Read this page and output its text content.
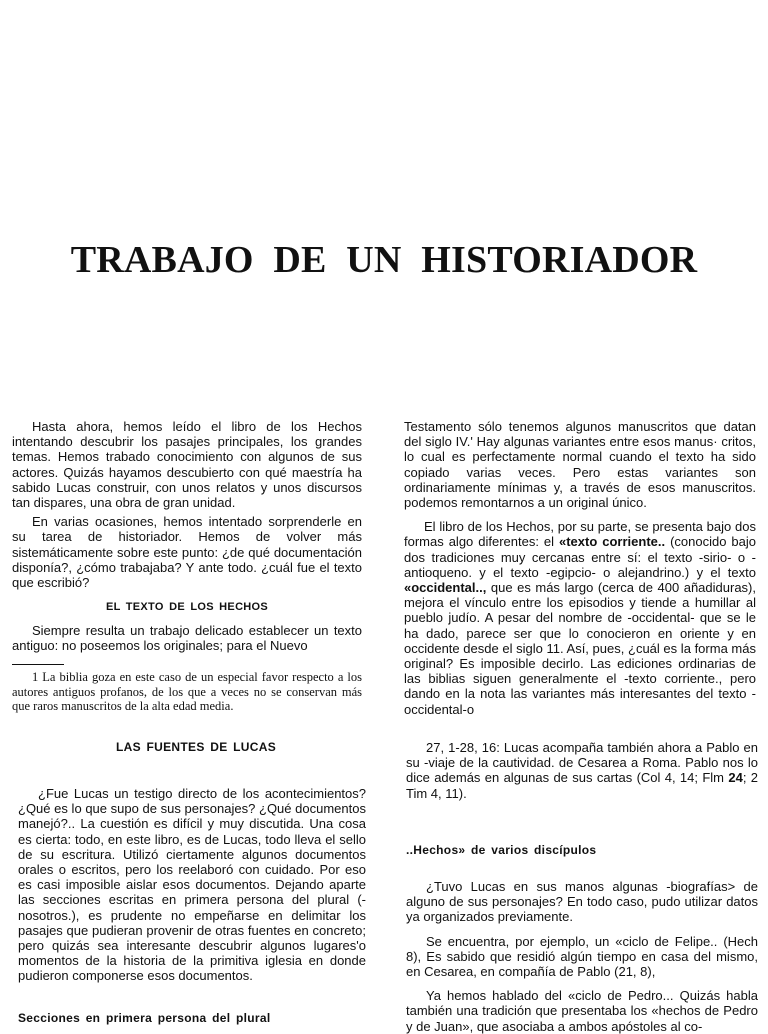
TRABAJO DE UN HISTORIADOR

Hasta ahora, hemos leído el libro de los Hechos intentando descubrir los pasajes principales, los grandes temas. Hemos trabado conocimiento con algunos de sus actores. Quizás hayamos descubierto con qué maestría ha sabido Lucas construir, con unos relatos y unos discursos tan dispares, una obra de gran unidad.

En varias ocasiones, hemos intentado sorprenderle en su tarea de historiador. Hemos de volver más sistemáticamente sobre este punto: ¿de qué documentación disponía?, ¿cómo trabajaba? Y ante todo. ¿cuál fue el texto que escribió?

EL TEXTO DE LOS HECHOS

Siempre resulta un trabajo delicado establecer un texto antiguo: no poseemos los originales; para el Nuevo

Testamento sólo tenemos algunos manuscritos que datan del siglo IV.' Hay algunas variantes entre esos manus· critos, lo cual es perfectamente normal cuando el texto ha sido copiado varias veces. Pero estas variantes son ordinariamente mínimas y, a través de esos manuscritos. podemos remontarnos a un original único.

El libro de los Hechos, por su parte, se presenta bajo dos formas algo diferentes: el «texto corriente.. (conocido bajo dos tradiciones muy cercanas entre sí: el texto -sirio- o -antioqueno. y el texto -egipcio- o alejandrino.) y el texto «occidental.., que es más largo (cerca de 400 añadiduras), mejora el vínculo entre los episodios y tiende a humillar al pueblo judío. A pesar del nombre de -occidental- que se le ha dado, parece ser que lo conocieron en oriente y en occidente desde el siglo 11. Así, pues, ¿cuál es la forma más original? Es imposible decirlo. Las ediciones ordinarias de las biblias siguen generalmente el -texto corriente., pero dando en la nota las variantes más interesantes del texto -occidental-o

1 La biblia goza en este caso de un especial favor respecto a los autores antiguos profanos, de los que a veces no se conservan más que raros manuscritos de la alta edad media.

LAS FUENTES DE LUCAS

¿Fue Lucas un testigo directo de los acontecimientos? ¿Qué es lo que supo de sus personajes? ¿Qué documentos manejó?.. La cuestión es difícil y muy discutida. Una cosa es cierta: todo, en este libro, es de Lucas, todo lleva el sello de su escritura. Utilizó ciertamente algunos documentos orales o escritos, pero los reelaboró con cuidado. Por eso es casi imposible aislar esos documentos. Dejando aparte las secciones escritas en primera persona del plural (-nosotros.), es prudente no empeñarse en delimitar los pasajes que pudieran provenir de otras fuentes en concreto; pero quizás sea interesante descubrir algunos lugares'o momentos de la historia de la primitiva iglesia en donde pudieron componerse esos documentos.

Secciones en primera persona del plural

27, 1-28, 16: Lucas acompaña también ahora a Pablo en su -viaje de la cautividad. de Cesarea a Roma. Pablo nos lo dice además en algunas de sus cartas (Col 4, 14; Flm 24; 2 Tim 4, 11).

..Hechos» de varios discípulos

¿Tuvo Lucas en sus manos algunas -biografías> de alguno de sus personajes? En todo caso, pudo utilizar datos ya organizados previamente.

Se encuentra, por ejemplo, un «ciclo de Felipe.. (Hech 8), Es sabido que residió algún tiempo en casa del mismo, en Cesarea, en compañía de Pablo (21, 8),

Ya hemos hablado del «ciclo de Pedro... Quizás habla también una tradición que presentaba los «hechos de Pedro y de Juan», que asociaba a ambos apóstoles al co-
